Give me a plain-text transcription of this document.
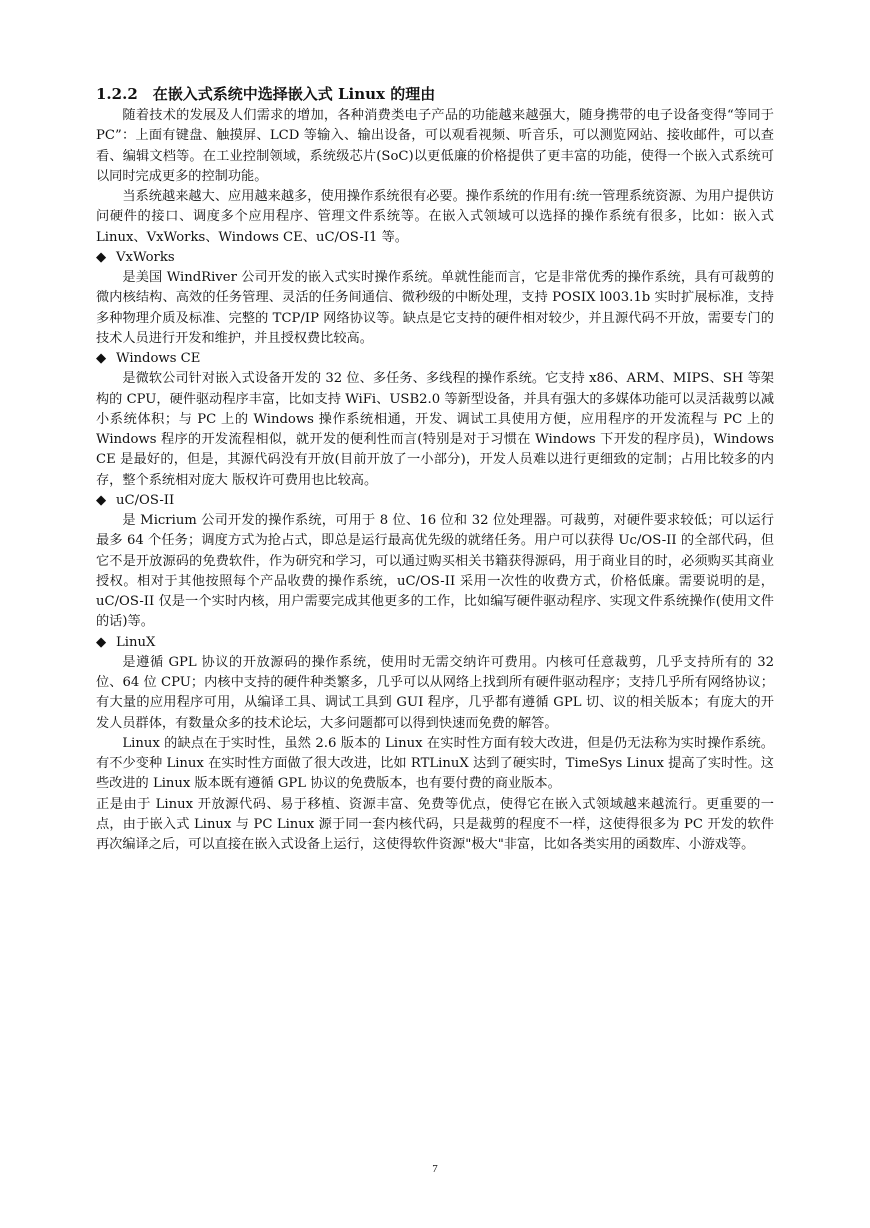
1.2.2　在嵌入式系统中选择嵌入式 Linux 的理由

随着技术的发展及人们需求的增加，各种消费类电子产品的功能越来越强大，随身携带的电子设备变得“等同于 PC”：上面有键盘、触摸屏、LCD 等输入、输出设备，可以观看视频、听音乐，可以测览网站、接收邮件，可以查看、编辑文档等。在工业控制领域，系统级芯片(SoC)以更低廉的价格提供了更丰富的功能，使得一个嵌入式系统可以同时完成更多的控制功能。

当系统越来越大、应用越来越多，使用操作系统很有必要。操作系统的作用有:统一管理系统资源、为用户提供访问硬件的接口、调度多个应用程序、管理文件系统等。在嵌入式领域可以选择的操作系统有很多，比如：嵌入式 Linux、VxWorks、Windows CE、uC/OS-I1 等。

◆ VxWorks

是美国 WindRiver 公司开发的嵌入式实时操作系统。单就性能而言，它是非常优秀的操作系统，具有可裁剪的微内核结构、高效的任务管理、灵活的任务间通信、微秒级的中断处理，支持 POSIX l003.1b 实时扩展标准，支持多种物理介质及标准、完整的 TCP/IP 网络协议等。缺点是它支持的硬件相对较少，并且源代码不开放，需要专门的技术人员进行开发和维护，并且授权费比较高。

◆ Windows CE

是微软公司针对嵌入式设备开发的 32 位、多任务、多线程的操作系统。它支持 x86、ARM、MIPS、SH 等架构的 CPU，硬件驱动程序丰富，比如支持 WiFi、USB2.0 等新型设备，并具有强大的多媒体功能可以灵活裁剪以减小系统体积；与 PC 上的 Windows 操作系统相通，开发、调试工具使用方便，应用程序的开发流程与 PC 上的 Windows 程序的开发流程相似，就开发的便利性而言(特别是对于习惯在 Windows 下开发的程序员)，Windows CE 是最好的，但是，其源代码没有开放(目前开放了一小部分)，开发人员难以进行更细致的定制；占用比较多的内存，整个系统相对庞大 版权许可费用也比较高。

◆ uC/OS-II

是 Micrium 公司开发的操作系统，可用于 8 位、16 位和 32 位处理器。可裁剪，对硬件要求较低；可以运行最多 64 个任务；调度方式为抢占式，即总是运行最高优先级的就绪任务。用户可以获得 Uc/OS-II 的全部代码，但它不是开放源码的免费软件，作为研究和学习，可以通过购买相关书籍获得源码，用于商业目的时，必须购买其商业授权。相对于其他按照每个产品收费的操作系统，uC/OS-II 采用一次性的收费方式，价格低廉。需要说明的是，uC/OS-II 仅是一个实时内核，用户需要完成其他更多的工作，比如编写硬件驱动程序、实现文件系统操作(使用文件的话)等。

◆ LinuX

是遵循 GPL 协议的开放源码的操作系统，使用时无需交纳许可费用。内核可任意裁剪，几乎支持所有的 32 位、64 位 CPU；内核中支持的硬件种类繁多，几乎可以从网络上找到所有硬件驱动程序；支持几乎所有网络协议；有大量的应用程序可用，从编译工具、调试工具到 GUI 程序，几乎都有遵循 GPL 切、议的相关版本；有庞大的开发人员群体，有数量众多的技术论坛，大多问题都可以得到快速而免费的解答。

Linux 的缺点在于实时性，虽然 2.6 版本的 Linux 在实时性方面有较大改进，但是仍无法称为实时操作系统。有不少变种 Linux 在实时性方面做了很大改进，比如 RTLinuX 达到了硬实时，TimeSys Linux 提高了实时性。这些改进的 Linux 版本既有遵循 GPL 协议的免费版本，也有要付费的商业版本。

正是由于 Linux 开放源代码、易于移植、资源丰富、免费等优点，使得它在嵌入式领域越来越流行。更重要的一点，由于嵌入式 Linux 与 PC Linux 源于同一套内核代码，只是裁剪的程度不一样，这使得很多为 PC 开发的软件再次编译之后，可以直接在嵌入式设备上运行，这使得软件资源"极大"非富，比如各类实用的函数库、小游戏等。

7
